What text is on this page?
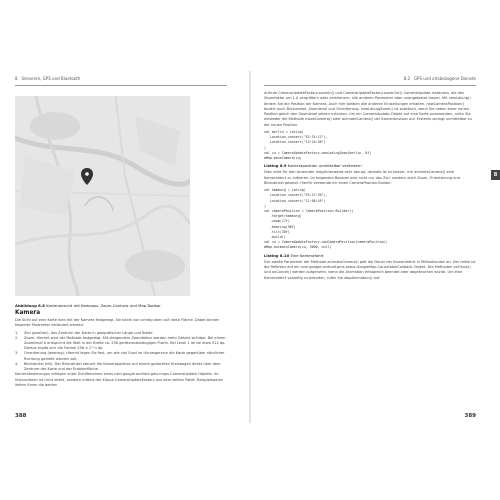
8 Sensoren, GPS und Bluetooth

Abbildung 8.8 Kartenansicht mit Kompass, Zoom-Controls und Map-Toolbar

Kamera

Die Sicht auf eine Karte wird mit der Kamera festgelegt. Sie blickt von schräg oben auf diese Fläche. Dabei können folgende Parameter verändert werden:

1.	Ziel (position), das Zentrum der Karte in geografischer Länge und Breite
2.	Zoom. Hiermit wird der Maßstab festgelegt. Mit steigendem Zoomfaktor werden mehr Details sichtbar. Bei einem Zoomlevel 0 entspricht die Welt in der Breite ca. 256 geräteunabhängigen Pixeln. Bei Level 1 ist sie etwa 512 dp. Daraus ergibt sich die Formel 256 × 2^n dp.
3.	Orientierung (bearing). Hiermit legen Sie fest, um wie viel Grad im Uhrzeigersinn die Karte gegenüber nördlicher Richtung gedreht werden soll.
4.	Blickwinkel (tilt). Der Blickwinkel steuert die Kameraposition auf einem gedachten Kreisbogen direkt über dem Zentrum der Karte und der Erdoberfläche.

Kameraänderungen erfolgen unter Zuhilfenahme eines com.google.android.gms.maps.CameraUpdate-Objekts. Ihr Instanziieren ist nicht direkt, sondern mittels der Klasse CameraUpdateFactory aus dem selben Paket. Beispielsweise liefern Ihnen die beiden

388
8.2 GPS und ortsbezogene Dienste

Aufrufe CameraUpdateFactory.zoomIn() und CameraUpdateFactory.zoomOut() CameraUpdate-Instanzen, die den Zoomfaktor um 1.0 vergrößern oder verkleinern; alle anderen Parameter aber unangetastet lassen. Mit newLatLng() ändern Sie die Position der Kamera. Auch hier bleiben alle anderen Einstellungen erhalten. newCameraPosition() ändert auch Blickwinkel, Zoomlevel und Orientierung. newLatLngZoom() ist praktisch, wenn Sie neben einer neuen Position gleich den Zoomlevel setzen möchten. Um ein CameraUpdate-Objekt auf eine Karte anzuwenden, rufen Sie entweder die Methode moveCamera() oder animateCamera() der Kamerainstanz auf. Ersteres springt unmittelbar zu der neuen Position.

val berlin = LatLng(
Location.convert("52:31:12"),
Location.convert("13:24:36")
)
val cu = CameraUpdateFactory.newLatLngZoom(berlin, 8f)
mMap.moveCamera(cu)

Listing 8.9 Kameraposition unmittelbar verändern

Dies wirkt für den Anwender möglicherweise sehr abrupt, deshalb ist es besser, mit animateCamera() eine Kamerafahrt zu initiieren. Im folgenden Beispiel wird nicht nur das Ziel, sondern auch Zoom, Orientierung und Blickwinkel gesetzt. Hierfür verwende ich einen CameraPosition.Builder.

val hamburg = LatLng(
Location.convert("53:27:30"),
Location.convert("11:06:45")
)
val cameraPosition = CameraPosition.Builder()
.target(hamburg)
.zoom(17f)
.bearing(90f)
.tilt(30f)
.build()
val cu = CameraUpdateFactory.newCameraPosition(cameraPosition)
mMap.animateCamera(cu, 3000, null)

Listing 8.10 Eine Kamerafahrt

Der zweite Parameter der Methode animateCamera() gibt die Dauer der Kamerafahrt in Millisekunden an. Der dritte ist die Referenz auf ein com.google.android.gms.maps.GoogleMap.CancelableCallback-Objekt. Die Methoden onFinish() und onCancel() werden aufgerufen, wenn die Animation erfolgreich beendet oder abgebrochen wurde. Um eine Kamerafahrt vorzeitig zu beenden, rufen Sie stopAnimation() auf.

389
8
